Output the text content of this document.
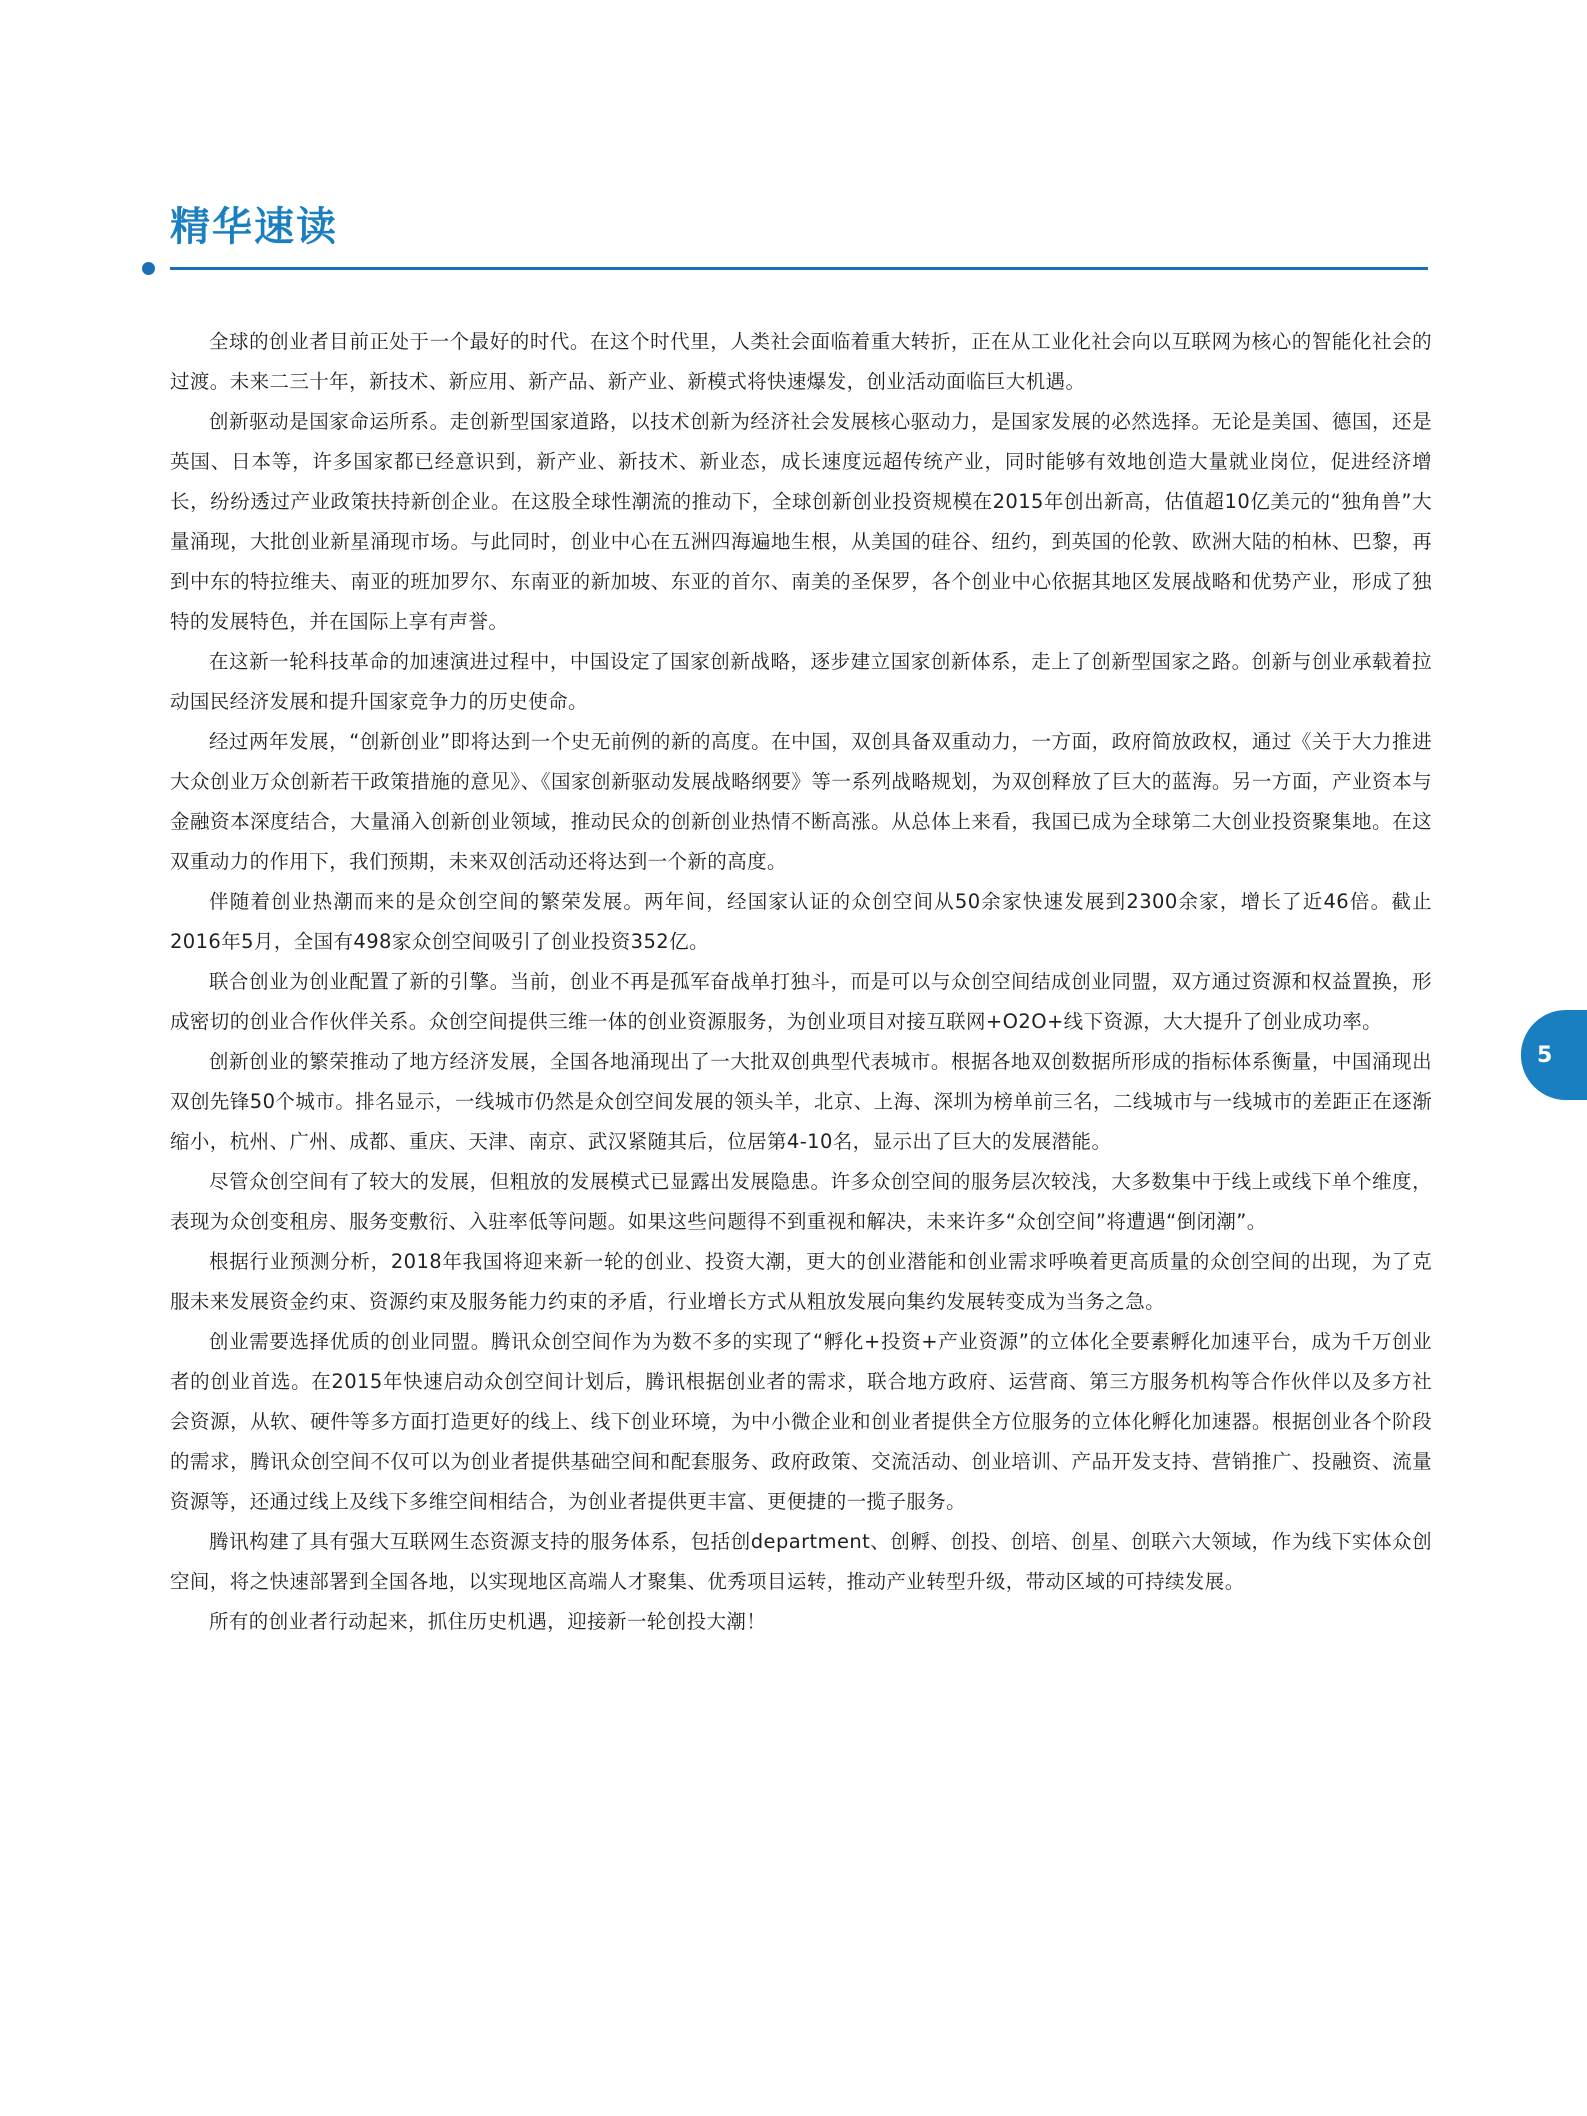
精华速读

全球的创业者目前正处于一个最好的时代。在这个时代里，人类社会面临着重大转折，正在从工业化社会向以互联网为核心的智能化社会的过渡。未来二三十年，新技术、新应用、新产品、新产业、新模式将快速爆发，创业活动面临巨大机遇。

创新驱动是国家命运所系。走创新型国家道路，以技术创新为经济社会发展核心驱动力，是国家发展的必然选择。无论是美国、德国，还是英国、日本等，许多国家都已经意识到，新产业、新技术、新业态，成长速度远超传统产业，同时能够有效地创造大量就业岗位，促进经济增长，纷纷透过产业政策扶持新创企业。在这股全球性潮流的推动下，全球创新创业投资规模在2015年创出新高，估值超10亿美元的“独角兽”大量涌现，大批创业新星涌现市场。与此同时，创业中心在五洲四海遍地生根，从美国的硅谷、纽约，到英国的伦敦、欧洲大陆的柏林、巴黎，再到中东的特拉维夫、南亚的班加罗尔、东南亚的新加坡、东亚的首尔、南美的圣保罗，各个创业中心依据其地区发展战略和优势产业，形成了独特的发展特色，并在国际上享有声誉。

在这新一轮科技革命的加速演进过程中，中国设定了国家创新战略，逐步建立国家创新体系，走上了创新型国家之路。创新与创业承载着拉动国民经济发展和提升国家竞争力的历史使命。

经过两年发展，“创新创业”即将达到一个史无前例的新的高度。在中国，双创具备双重动力，一方面，政府简放政权，通过《关于大力推进大众创业万众创新若干政策措施的意见》、《国家创新驱动发展战略纲要》等一系列战略规划，为双创释放了巨大的蓝海。另一方面，产业资本与金融资本深度结合，大量涌入创新创业领域，推动民众的创新创业热情不断高涨。从总体上来看，我国已成为全球第二大创业投资聚集地。在这双重动力的作用下，我们预期，未来双创活动还将达到一个新的高度。

伴随着创业热潮而来的是众创空间的繁荣发展。两年间，经国家认证的众创空间从50余家快速发展到2300余家，增长了近46倍。截止2016年5月，全国有498家众创空间吸引了创业投资352亿。

联合创业为创业配置了新的引擎。当前，创业不再是孤军奋战单打独斗，而是可以与众创空间结成创业同盟，双方通过资源和权益置换，形成密切的创业合作伙伴关系。众创空间提供三维一体的创业资源服务，为创业项目对接互联网+O2O+线下资源，大大提升了创业成功率。

创新创业的繁荣推动了地方经济发展，全国各地涌现出了一大批双创典型代表城市。根据各地双创数据所形成的指标体系衡量，中国涌现出双创先锋50个城市。排名显示，一线城市仍然是众创空间发展的领头羊，北京、上海、深圳为榜单前三名，二线城市与一线城市的差距正在逐渐缩小，杭州、广州、成都、重庆、天津、南京、武汉紧随其后，位居第4-10名，显示出了巨大的发展潜能。

尽管众创空间有了较大的发展，但粗放的发展模式已显露出发展隐患。许多众创空间的服务层次较浅，大多数集中于线上或线下单个维度，表现为众创变租房、服务变敷衍、入驻率低等问题。如果这些问题得不到重视和解决，未来许多“众创空间”将遭遇“倒闭潮”。

根据行业预测分析，2018年我国将迎来新一轮的创业、投资大潮，更大的创业潜能和创业需求呼唤着更高质量的众创空间的出现，为了克服未来发展资金约束、资源约束及服务能力约束的矛盾，行业增长方式从粗放发展向集约发展转变成为当务之急。

创业需要选择优质的创业同盟。腾讯众创空间作为为数不多的实现了“孵化+投资+产业资源”的立体化全要素孵化加速平台，成为千万创业者的创业首选。在2015年快速启动众创空间计划后，腾讯根据创业者的需求，联合地方政府、运营商、第三方服务机构等合作伙伴以及多方社会资源，从软、硬件等多方面打造更好的线上、线下创业环境，为中小微企业和创业者提供全方位服务的立体化孵化加速器。根据创业各个阶段的需求，腾讯众创空间不仅可以为创业者提供基础空间和配套服务、政府政策、交流活动、创业培训、产品开发支持、营销推广、投融资、流量资源等，还通过线上及线下多维空间相结合，为创业者提供更丰富、更便捷的一揽子服务。

腾讯构建了具有强大互联网生态资源支持的服务体系，包括创department、创孵、创投、创培、创星、创联六大领域，作为线下实体众创空间，将之快速部署到全国各地，以实现地区高端人才聚集、优秀项目运转，推动产业转型升级，带动区域的可持续发展。

所有的创业者行动起来，抓住历史机遇，迎接新一轮创投大潮！

5
